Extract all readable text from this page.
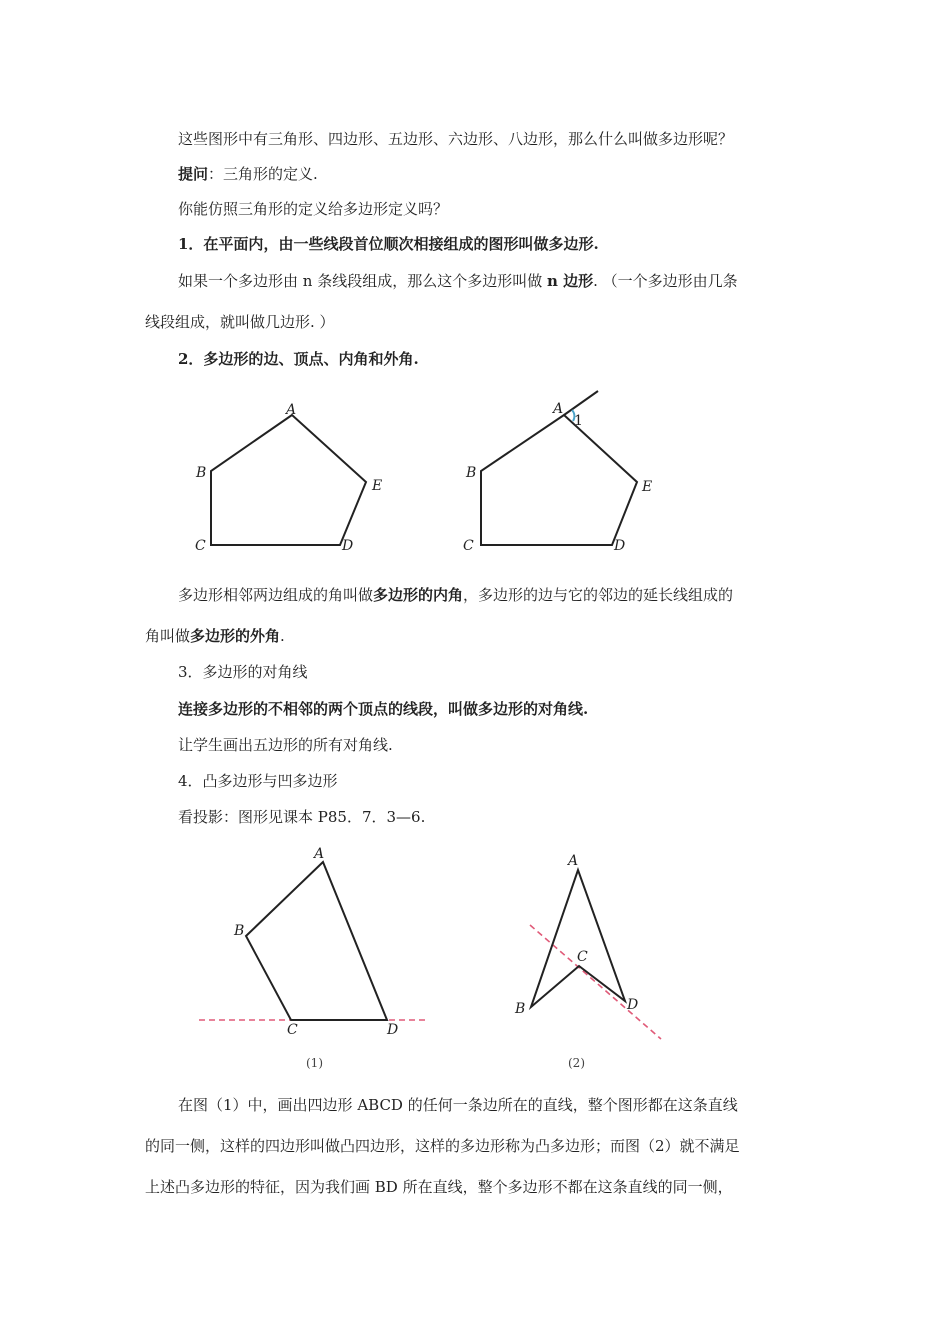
这些图形中有三角形、四边形、五边形、六边形、八边形，那么什么叫做多边形呢？
提问：三角形的定义.
你能仿照三角形的定义给多边形定义吗？
1．在平面内，由一些线段首位顺次相接组成的图形叫做多边形.
如果一个多边形由 n 条线段组成，那么这个多边形叫做 n 边形. （一个多边形由几条
线段组成，就叫做几边形. ）
2．多边形的边、顶点、内角和外角.
A
B
C	D
E
A
1
B
C	D
E
多边形相邻两边组成的角叫做多边形的内角，多边形的边与它的邻边的延长线组成的
角叫做多边形的外角.
3．多边形的对角线
连接多边形的不相邻的两个顶点的线段，叫做多边形的对角线.
让学生画出五边形的所有对角线.
4．凸多边形与凹多边形
看投影：图形见课本 P85．7．3—6.
A
B
C	D
A
B
C
D
(1)	(2)
在图（1）中，画出四边形 ABCD 的任何一条边所在的直线，整个图形都在这条直线
的同一侧，这样的四边形叫做凸四边形，这样的多边形称为凸多边形；而图（2）就不满足
上述凸多边形的特征，因为我们画 BD 所在直线，整个多边形不都在这条直线的同一侧，
